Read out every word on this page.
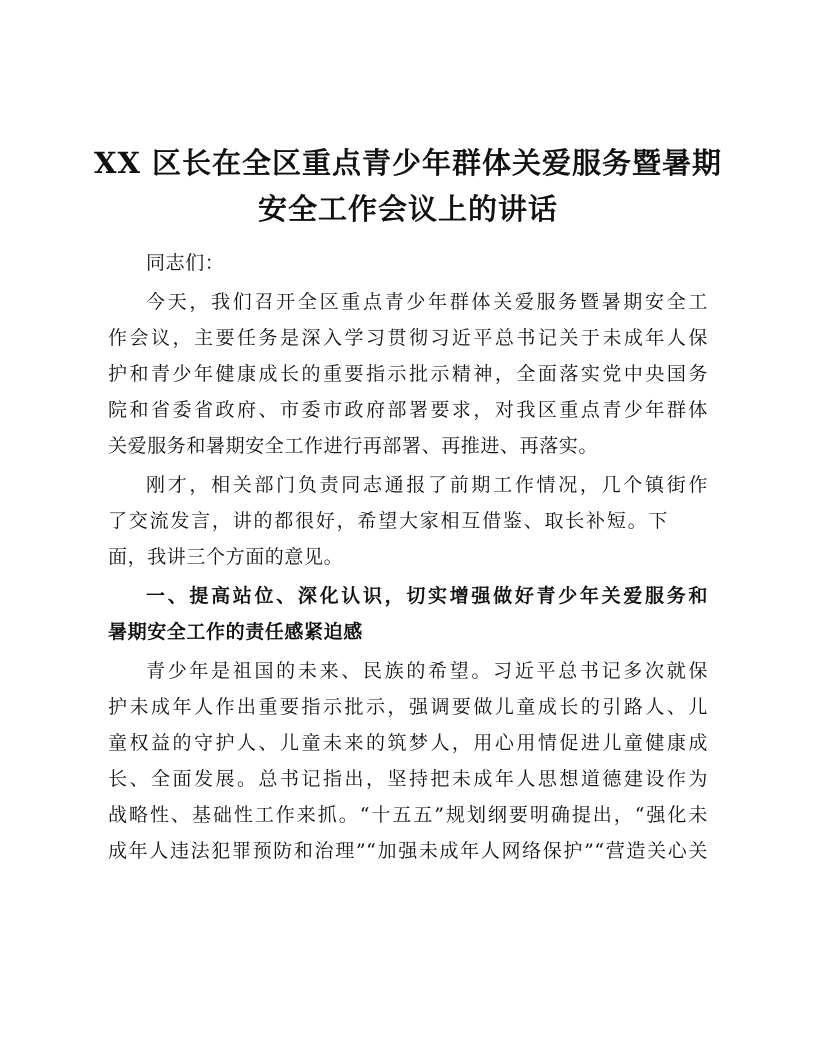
XX 区长在全区重点青少年群体关爱服务暨暑期
安全工作会议上的讲话

同志们：

今天，我们召开全区重点青少年群体关爱服务暨暑期安全工

作会议，主要任务是深入学习贯彻习近平总书记关于未成年人保

护和青少年健康成长的重要指示批示精神，全面落实党中央国务

院和省委省政府、市委市政府部署要求，对我区重点青少年群体

关爱服务和暑期安全工作进行再部署、再推进、再落实。

刚才，相关部门负责同志通报了前期工作情况，几个镇街作

了交流发言，讲的都很好，希望大家相互借鉴、取长补短。下

面，我讲三个方面的意见。

一、提高站位、深化认识，切实增强做好青少年关爱服务和

暑期安全工作的责任感紧迫感

青少年是祖国的未来、民族的希望。习近平总书记多次就保

护未成年人作出重要指示批示，强调要做儿童成长的引路人、儿

童权益的守护人、儿童未来的筑梦人，用心用情促进儿童健康成

长、全面发展。总书记指出，坚持把未成年人思想道德建设作为

战略性、基础性工作来抓。“十五五”规划纲要明确提出，“强化未

成年人违法犯罪预防和治理”“加强未成年人网络保护”“营造关心关
